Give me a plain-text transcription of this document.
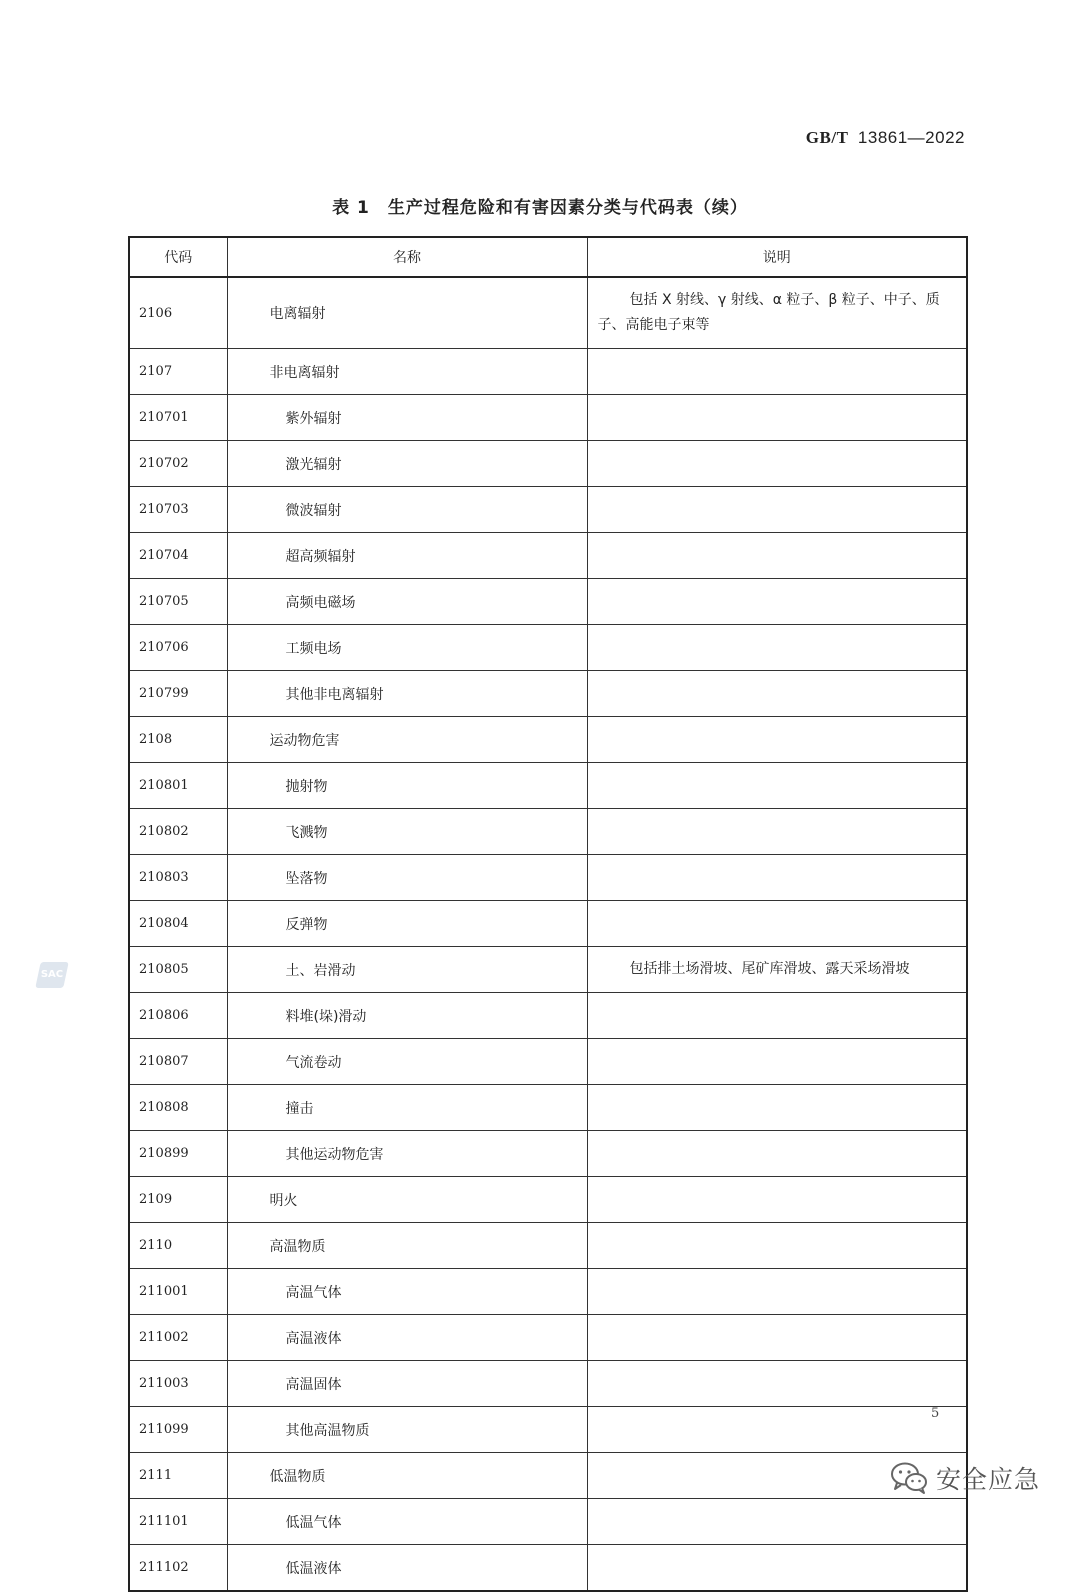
GB/T 13861—2022
表 1　生产过程危险和有害因素分类与代码表（续）
代码	名称	说明
2106	电离辐射	包括 X 射线、γ 射线、α 粒子、β 粒子、中子、质子、高能电子束等
2107	非电离辐射	
210701	紫外辐射	
210702	激光辐射	
210703	微波辐射	
210704	超高频辐射	
210705	高频电磁场	
210706	工频电场	
210799	其他非电离辐射	
2108	运动物危害	
210801	抛射物	
210802	飞溅物	
210803	坠落物	
210804	反弹物	
210805	土、岩滑动	包括排土场滑坡、尾矿库滑坡、露天采场滑坡
210806	料堆(垛)滑动	
210807	气流卷动	
210808	撞击	
210899	其他运动物危害	
2109	明火	
2110	高温物质	
211001	高温气体	
211002	高温液体	
211003	高温固体	
211099	其他高温物质	
2111	低温物质	
211101	低温气体	
211102	低温液体	
SAC
5
安全应急
